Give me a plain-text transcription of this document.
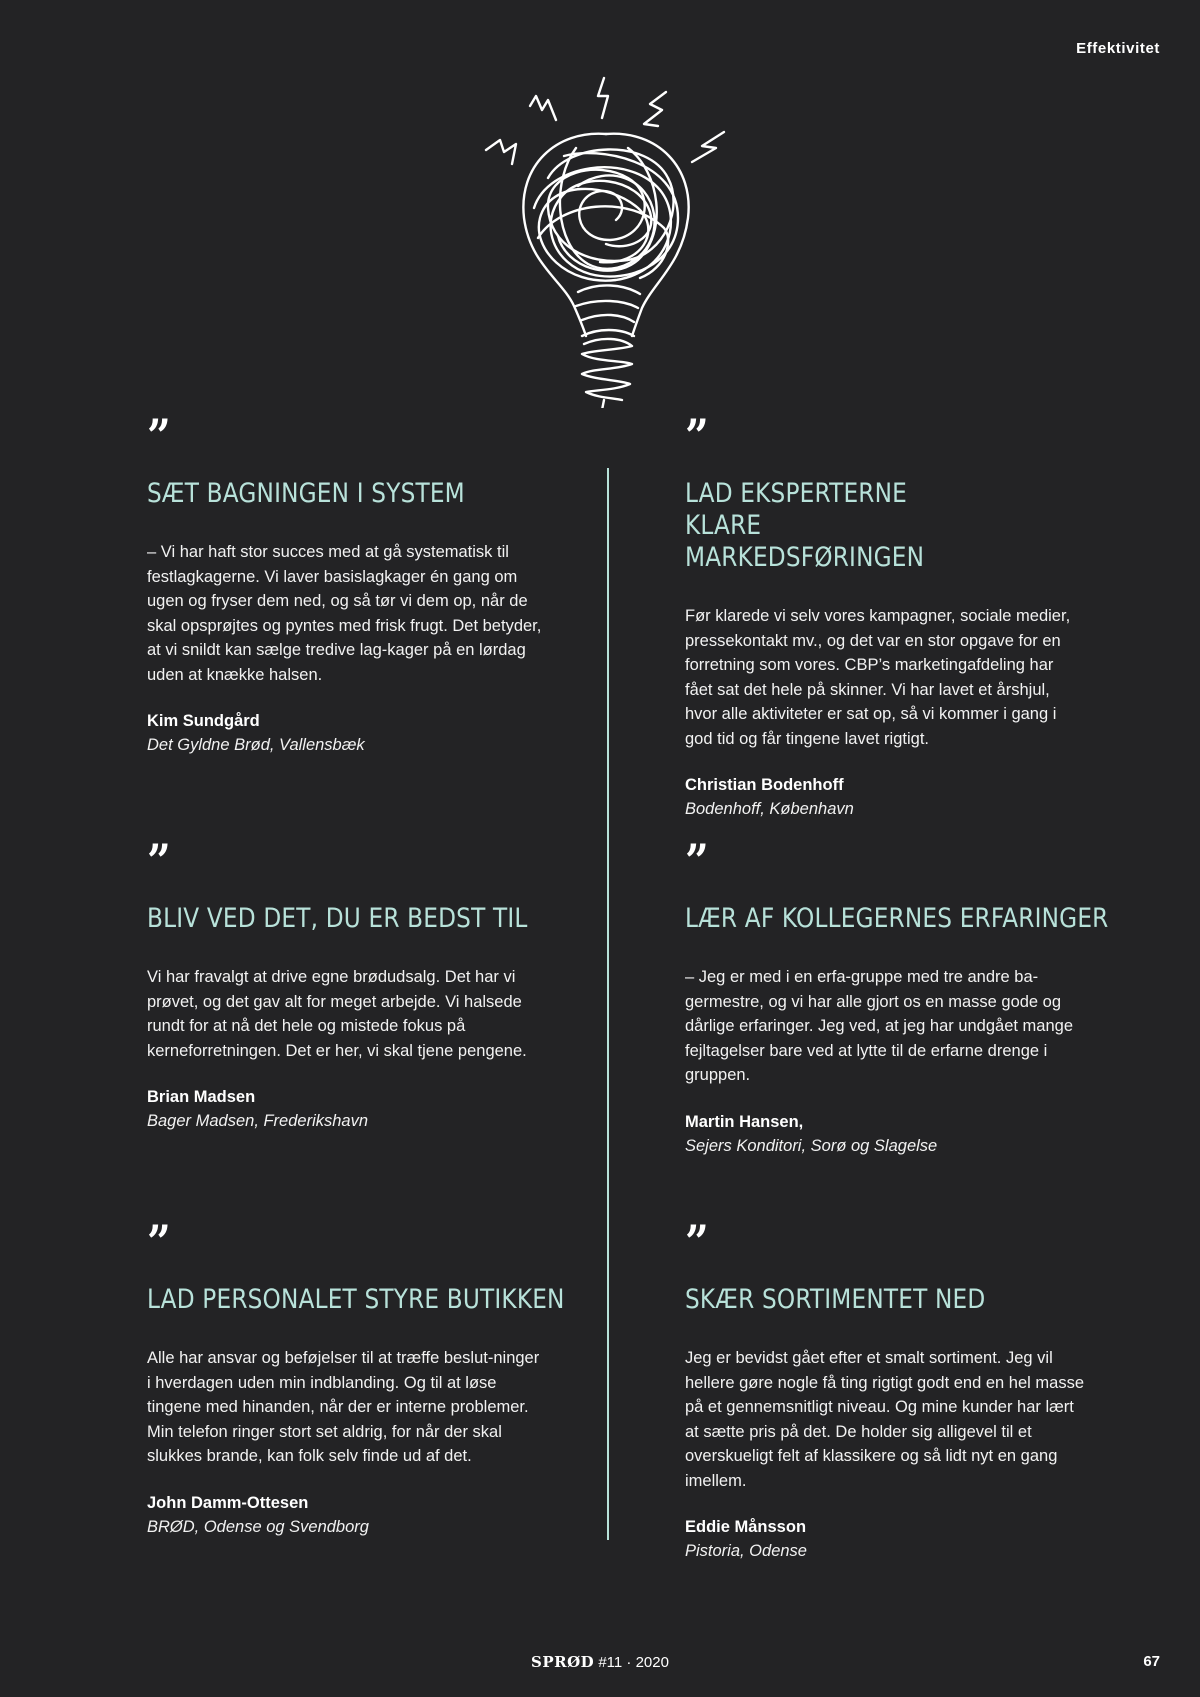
Effektivitet
”
SÆT BAGNINGEN I SYSTEM
– Vi har haft stor succes med at gå systematisk til festlagkagerne. Vi laver basislagkager én gang om ugen og fryser dem ned, og så tør vi dem op, når de skal opsprøjtes og pyntes med frisk frugt. Det betyder, at vi snildt kan sælge tredive lag-kager på en lørdag uden at knække halsen.
Kim Sundgård
Det Gyldne Brød, Vallensbæk
”
LAD EKSPERTERNE KLARE MARKEDSFØRINGEN
Før klarede vi selv vores kampagner, sociale medier, pressekontakt mv., og det var en stor opgave for en forretning som vores. CBP’s marketingafdeling har fået sat det hele på skinner. Vi har lavet et årshjul, hvor alle aktiviteter er sat op, så vi kommer i gang i god tid og får tingene lavet rigtigt.
Christian Bodenhoff
Bodenhoff, København
”
BLIV VED DET, DU ER BEDST TIL
Vi har fravalgt at drive egne brødudsalg. Det har vi prøvet, og det gav alt for meget arbejde. Vi halsede rundt for at nå det hele og mistede fokus på kerneforretningen. Det er her, vi skal tjene pengene.
Brian Madsen
Bager Madsen, Frederikshavn
”
LÆR AF KOLLEGERNES ERFARINGER
– Jeg er med i en erfa-gruppe med tre andre ba-germestre, og vi har alle gjort os en masse gode og dårlige erfaringer. Jeg ved, at jeg har undgået mange fejltagelser bare ved at lytte til de erfarne drenge i gruppen.
Martin Hansen,
Sejers Konditori, Sorø og Slagelse
”
LAD PERSONALET STYRE BUTIKKEN
Alle har ansvar og beføjelser til at træffe beslut-ninger i hverdagen uden min indblanding. Og til at løse tingene med hinanden, når der er interne problemer. Min telefon ringer stort set aldrig, for når der skal slukkes brande, kan folk selv finde ud af det.
John Damm-Ottesen
BRØD, Odense og Svendborg
”
SKÆR SORTIMENTET NED
Jeg er bevidst gået efter et smalt sortiment. Jeg vil hellere gøre nogle få ting rigtigt godt end en hel masse på et gennemsnitligt niveau. Og mine kunder har lært at sætte pris på det. De holder sig alligevel til et overskueligt felt af klassikere og så lidt nyt en gang imellem.
Eddie Månsson
Pistoria, Odense
SPRØD #11 · 2020	67
